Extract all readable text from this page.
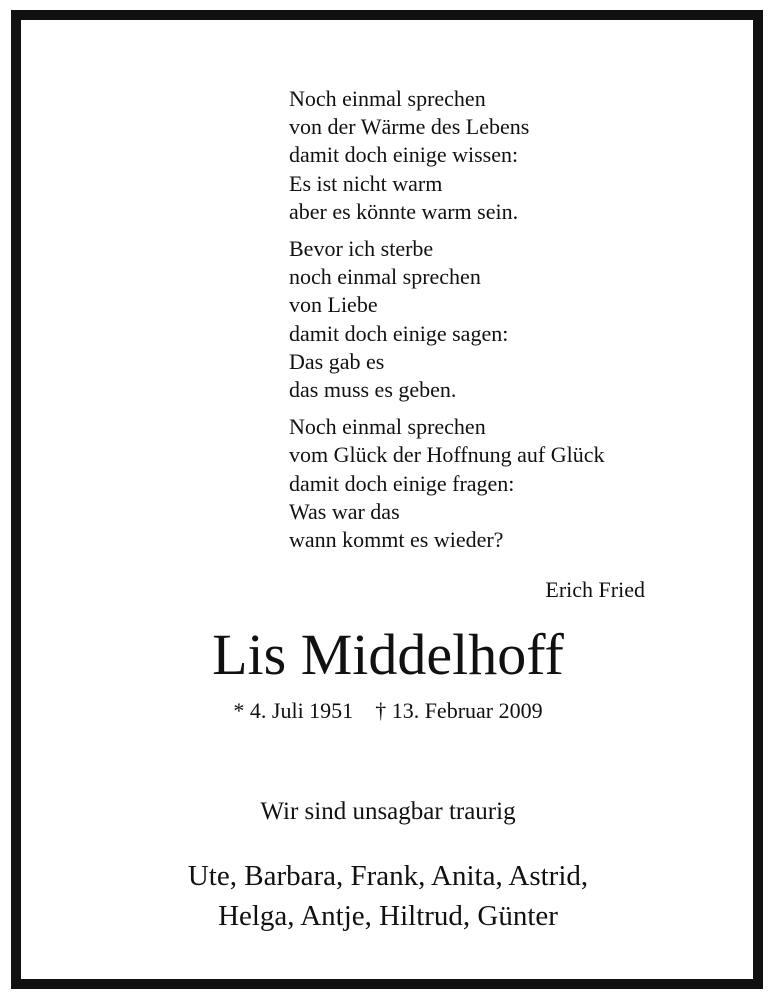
Noch einmal sprechen
von der Wärme des Lebens
damit doch einige wissen:
Es ist nicht warm
aber es könnte warm sein.
Bevor ich sterbe
noch einmal sprechen
von Liebe
damit doch einige sagen:
Das gab es
das muss es geben.
Noch einmal sprechen
vom Glück der Hoffnung auf Glück
damit doch einige fragen:
Was war das
wann kommt es wieder?
Erich Fried
Lis Middelhoff
* 4. Juli 1951 † 13. Februar 2009
Wir sind unsagbar traurig
Ute, Barbara, Frank, Anita, Astrid,
Helga, Antje, Hiltrud, Günter
